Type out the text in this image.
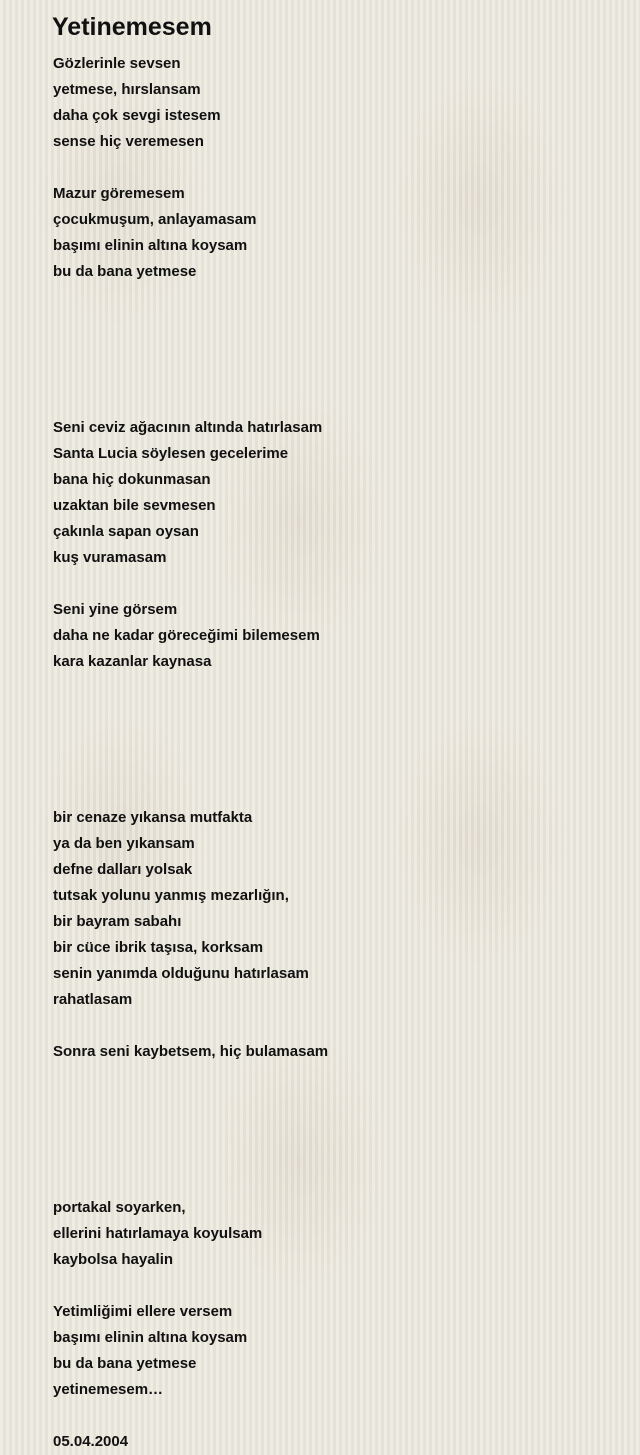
Yetinemesem
Gözlerinle sevsen
yetmese, hırslansam
daha çok sevgi istesem
sense hiç veremesen
Mazur göremesem
çocukmuşum, anlayamasam
başımı elinin altına koysam
bu da bana yetmese
Seni ceviz ağacının altında hatırlasam
Santa Lucia söylesen gecelerime
bana hiç dokunmasan
uzaktan bile sevmesen
çakınla sapan oysan
kuş vuramasam
Seni yine görsem
daha ne kadar göreceğimi bilemesem
kara kazanlar kaynasa
bir cenaze yıkansa mutfakta
ya da ben yıkansam
defne dalları yolsak
tutsak yolunu yanmış mezarlığın,
bir bayram sabahı
bir cüce ibrik taşısa, korksam
senin yanımda olduğunu hatırlasam
rahatlasam
Sonra seni kaybetsem, hiç bulamasam
portakal soyarken,
ellerini hatırlamaya koyulsam
kaybolsa hayalin
Yetimliğimi ellere versem
başımı elinin altına koysam
bu da bana yetmese
yetinemesem…
05.04.2004
